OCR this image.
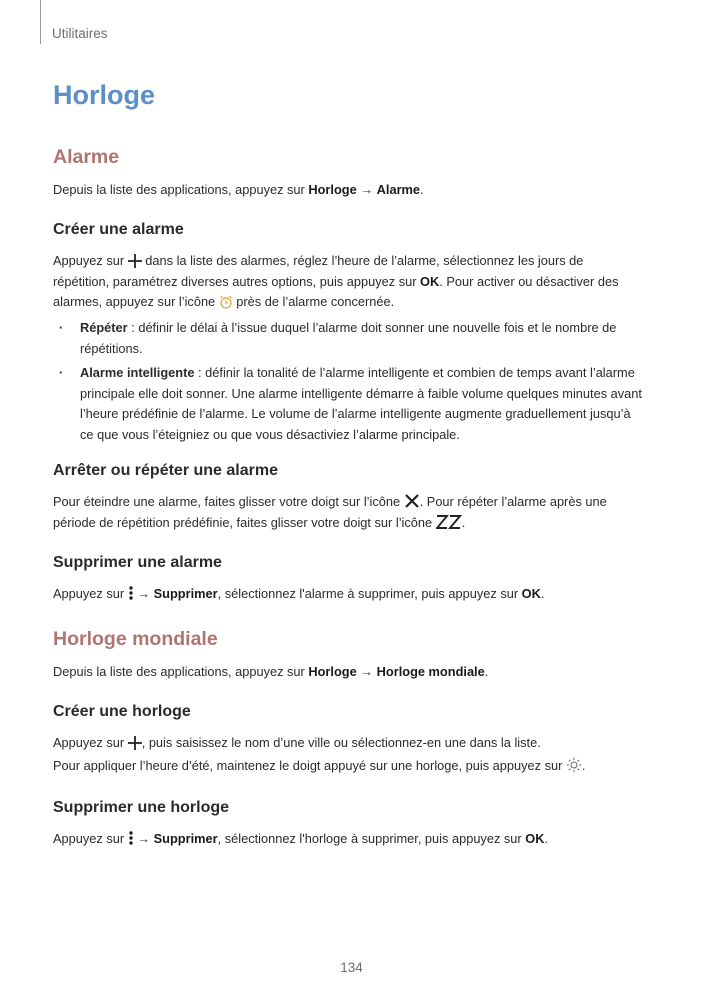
Utilitaires
Horloge
Alarme

Depuis la liste des applications, appuyez sur Horloge → Alarme.

Créer une alarme

Appuyez sur  dans la liste des alarmes, réglez l’heure de l’alarme, sélectionnez les jours de répétition, paramétrez diverses autres options, puis appuyez sur OK. Pour activer ou désactiver des alarmes, appuyez sur l’icône  près de l’alarme concernée.

· Répéter : définir le délai à l’issue duquel l’alarme doit sonner une nouvelle fois et le nombre de répétitions.
· Alarme intelligente : définir la tonalité de l’alarme intelligente et combien de temps avant l’alarme principale elle doit sonner. Une alarme intelligente démarre à faible volume quelques minutes avant l’heure prédéfinie de l’alarme. Le volume de l’alarme intelligente augmente graduellement jusqu’à ce que vous l’éteigniez ou que vous désactiviez l’alarme principale.
Arrêter ou répéter une alarme

Pour éteindre une alarme, faites glisser votre doigt sur l’icône . Pour répéter l’alarme après une période de répétition prédéfinie, faites glisser votre doigt sur l’icône .

Supprimer une alarme

Appuyez sur  → Supprimer, sélectionnez l'alarme à supprimer, puis appuyez sur OK.

Horloge mondiale

Depuis la liste des applications, appuyez sur Horloge → Horloge mondiale.

Créer une horloge

Appuyez sur , puis saisissez le nom d’une ville ou sélectionnez-en une dans la liste.

Pour appliquer l’heure d’été, maintenez le doigt appuyé sur une horloge, puis appuyez sur .

Supprimer une horloge

Appuyez sur  → Supprimer, sélectionnez l'horloge à supprimer, puis appuyez sur OK.

134
